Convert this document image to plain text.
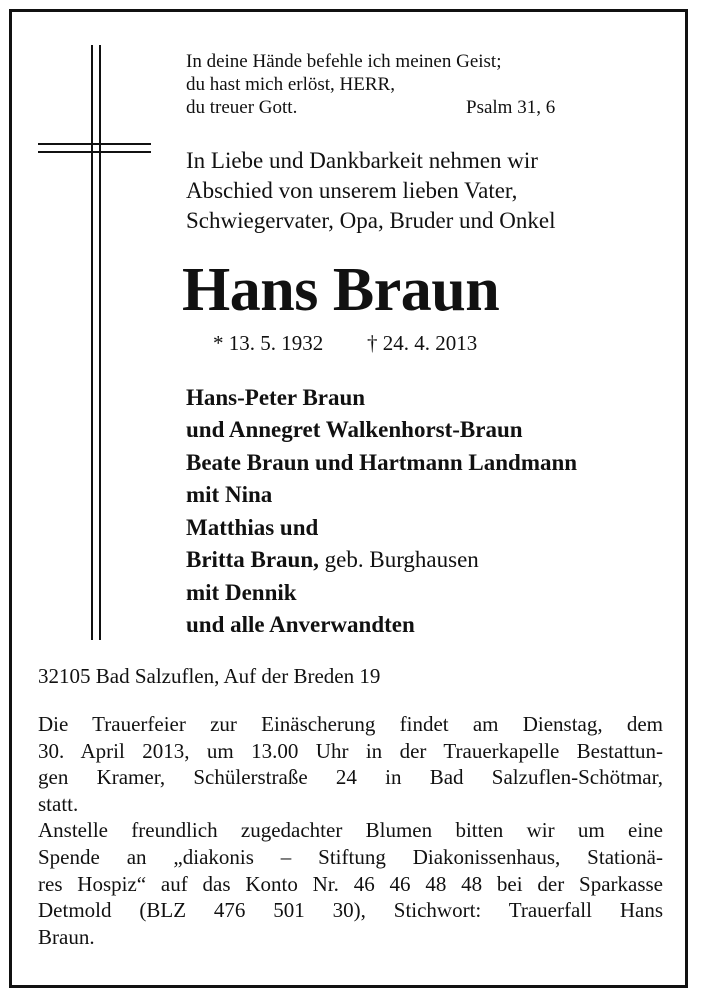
In deine Hände befehle ich meinen Geist;
du hast mich erlöst, HERR,
du treuer Gott.	Psalm 31, 6
In Liebe und Dankbarkeit nehmen wir
Abschied von unserem lieben Vater,
Schwiegervater, Opa, Bruder und Onkel
Hans Braun
* 13. 5. 1932 † 24. 4. 2013
Hans-Peter Braun
und Annegret Walkenhorst-Braun
Beate Braun und Hartmann Landmann
mit Nina
Matthias und
Britta Braun, geb. Burghausen
mit Dennik
und alle Anverwandten
32105 Bad Salzuflen, Auf der Breden 19
Die Trauerfeier zur Einäscherung findet am Dienstag, dem
30. April 2013, um 13.00 Uhr in der Trauerkapelle Bestattun-
gen Kramer, Schülerstraße 24 in Bad Salzuflen-Schötmar,
statt.
Anstelle freundlich zugedachter Blumen bitten wir um eine
Spende an „diakonis – Stiftung Diakonissenhaus, Stationä-
res Hospiz“ auf das Konto Nr. 46 46 48 48 bei der Sparkasse
Detmold (BLZ 476 501 30), Stichwort: Trauerfall Hans
Braun.
